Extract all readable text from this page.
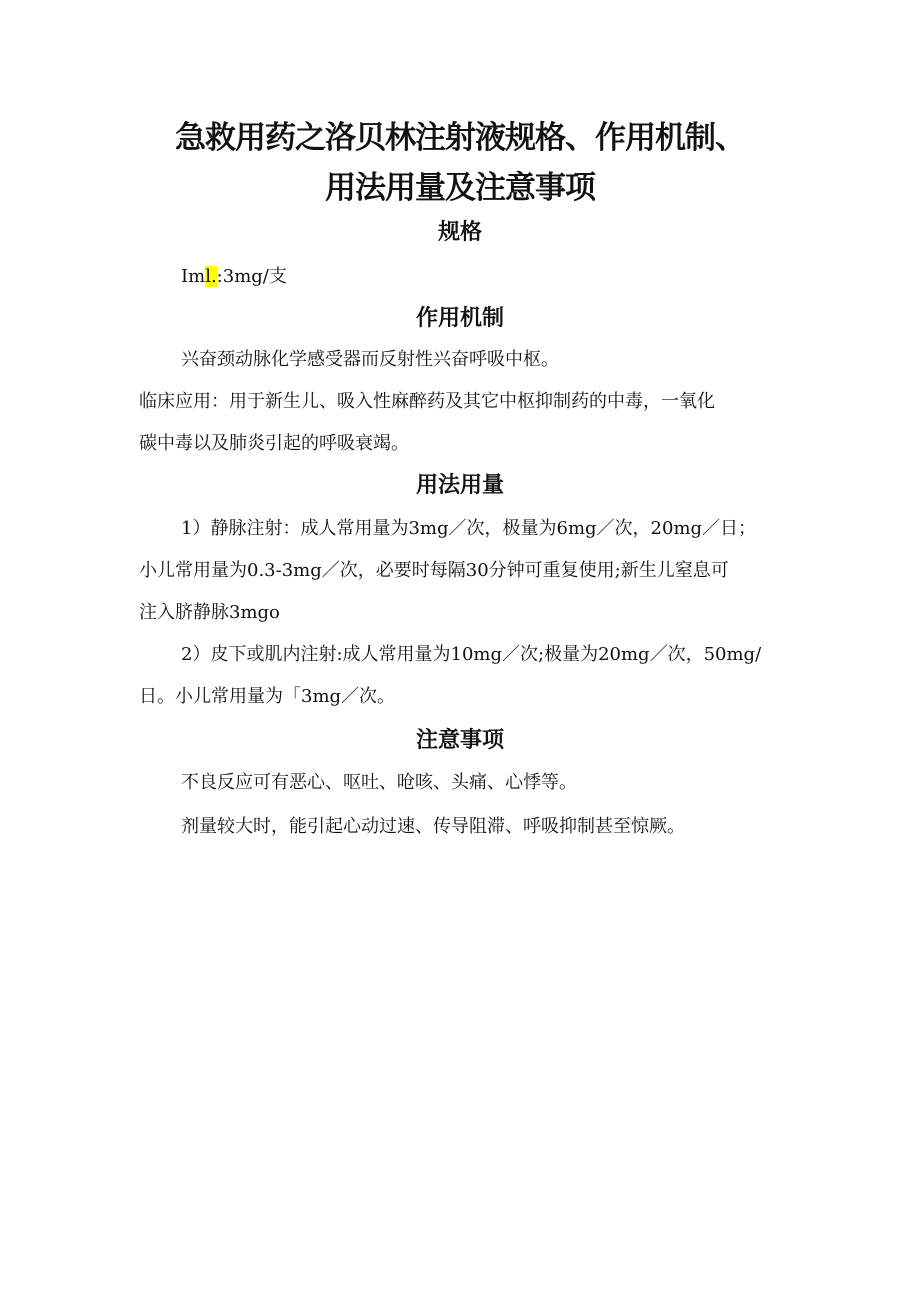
急救用药之洛贝林注射液规格、作用机制、
用法用量及注意事项
规格

Iml.:3mg/支

作用机制

兴奋颈动脉化学感受器而反射性兴奋呼吸中枢。

临床应用：用于新生儿、吸入性麻醉药及其它中枢抑制药的中毒，一氧化

碳中毒以及肺炎引起的呼吸衰竭。

用法用量

1）静脉注射：成人常用量为3mg／次，极量为6mg／次，20mg／日；

小儿常用量为0.3-3mg／次，必要时每隔30分钟可重复使用;新生儿窒息可

注入脐静脉3mgo

2）皮下或肌内注射:成人常用量为10mg／次;极量为20mg／次，50mg/

日。小儿常用量为「3mg／次。

注意事项

不良反应可有恶心、呕吐、呛咳、头痛、心悸等。

剂量较大时，能引起心动过速、传导阻滞、呼吸抑制甚至惊厥。
